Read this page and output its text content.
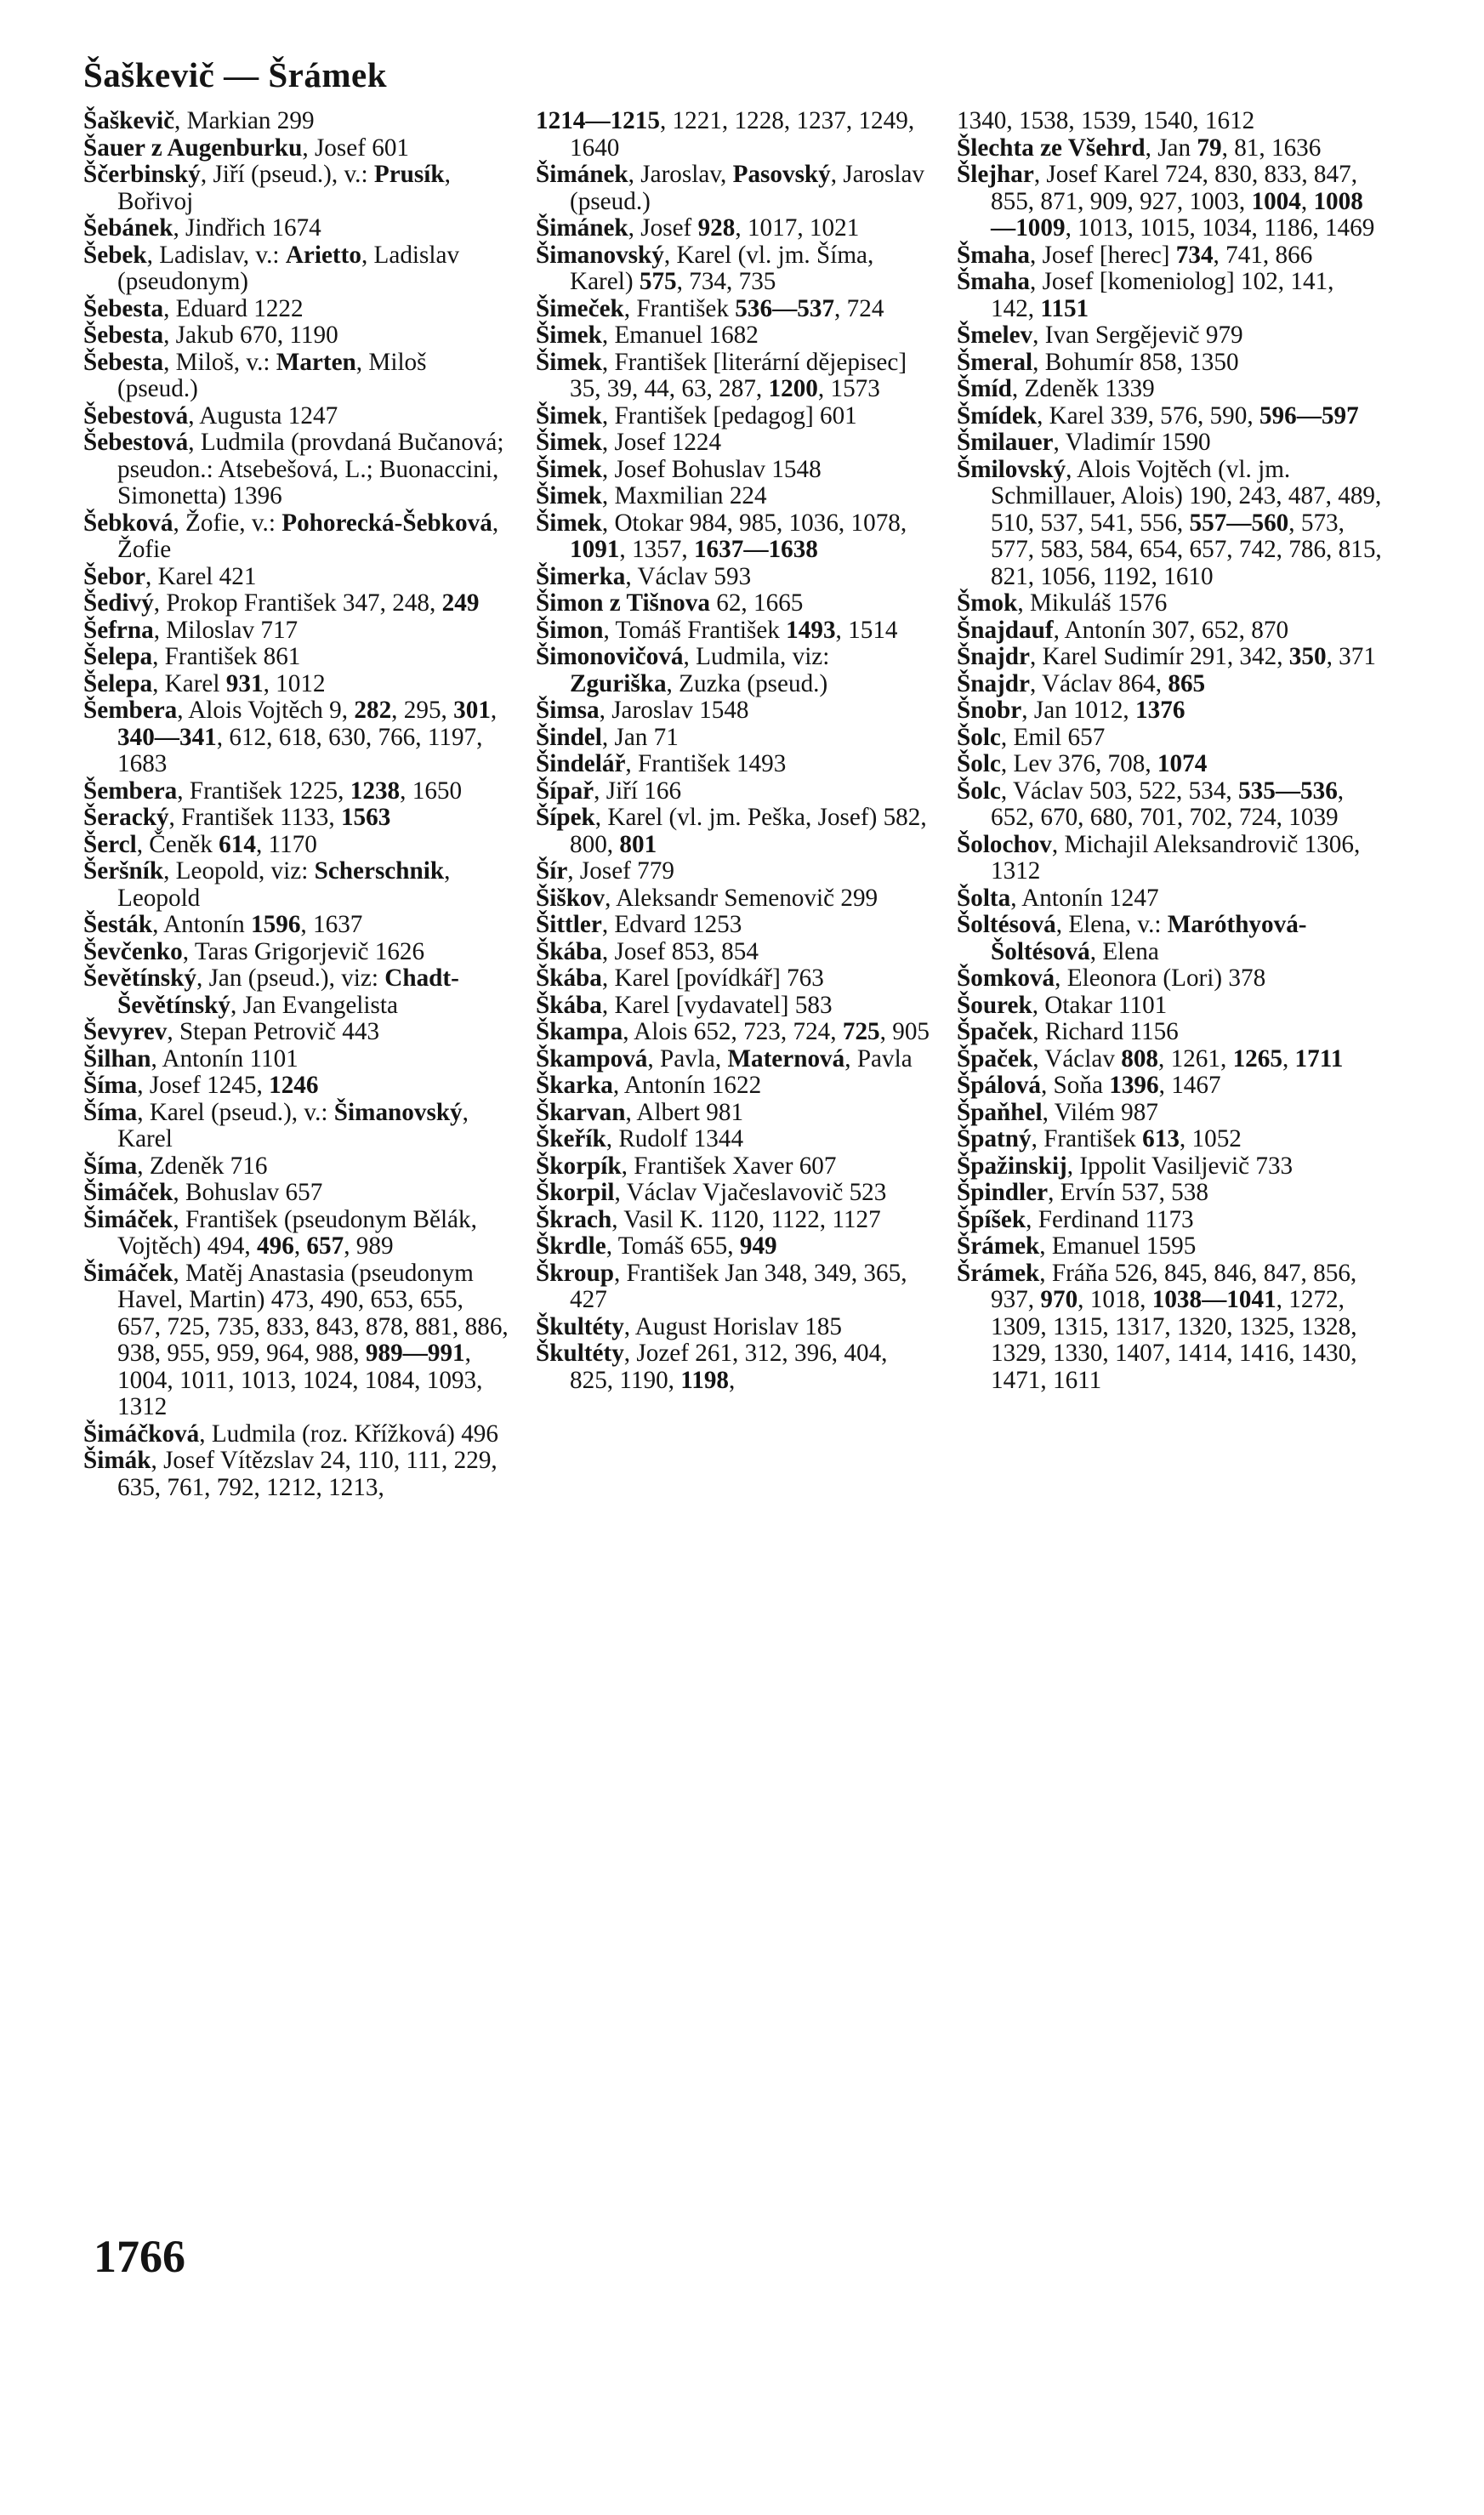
Šaškevič — Šrámek

Šaškevič, Markian 299

Šauer z Augenburku, Josef 601

Ščerbinský, Jiří (pseud.), v.: Prusík, Bořivoj

Šebánek, Jindřich 1674

Šebek, Ladislav, v.: Arietto, Ladislav (pseudonym)

Šebesta, Eduard 1222

Šebesta, Jakub 670, 1190

Šebesta, Miloš, v.: Marten, Miloš (pseud.)

Šebestová, Augusta 1247

Šebestová, Ludmila (provdaná Bučanová; pseudon.: Atsebešová, L.; Buonaccini, Simonetta) 1396

Šebková, Žofie, v.: Pohorecká-Šebková, Žofie

Šebor, Karel 421

Šedivý, Prokop František 347, 248, 249

Šefrna, Miloslav 717

Šelepa, František 861

Šelepa, Karel 931, 1012

Šembera, Alois Vojtěch 9, 282, 295, 301, 340—341, 612, 618, 630, 766, 1197, 1683

Šembera, František 1225, 1238, 1650

Šeracký, František 1133, 1563

Šercl, Čeněk 614, 1170

Šeršník, Leopold, viz: Scherschnik, Leopold

Šesták, Antonín 1596, 1637

Ševčenko, Taras Grigorjevič 1626

Ševětínský, Jan (pseud.), viz: Chadt-Ševětínský, Jan Evangelista

Ševyrev, Stepan Petrovič 443

Šilhan, Antonín 1101

Šíma, Josef 1245, 1246

Šíma, Karel (pseud.), v.: Šimanovský, Karel

Šíma, Zdeněk 716

Šimáček, Bohuslav 657

Šimáček, František (pseudonym Bělák, Vojtěch) 494, 496, 657, 989

Šimáček, Matěj Anastasia (pseudonym Havel, Martin) 473, 490, 653, 655, 657, 725, 735, 833, 843, 878, 881, 886, 938, 955, 959, 964, 988, 989—991, 1004, 1011, 1013, 1024, 1084, 1093, 1312

Šimáčková, Ludmila (roz. Křížková) 496

Šimák, Josef Vítězslav 24, 110, 111, 229, 635, 761, 792, 1212, 1213,

1214—1215, 1221, 1228, 1237, 1249, 1640

Šimánek, Jaroslav, Pasovský, Jaroslav (pseud.)

Šimánek, Josef 928, 1017, 1021

Šimanovský, Karel (vl. jm. Šíma, Karel) 575, 734, 735

Šimeček, František 536—537, 724

Šimek, Emanuel 1682

Šimek, František [literární dějepisec] 35, 39, 44, 63, 287, 1200, 1573

Šimek, František [pedagog] 601

Šimek, Josef 1224

Šimek, Josef Bohuslav 1548

Šimek, Maxmilian 224

Šimek, Otokar 984, 985, 1036, 1078, 1091, 1357, 1637—1638

Šimerka, Václav 593

Šimon z Tišnova 62, 1665

Šimon, Tomáš František 1493, 1514

Šimonovičová, Ludmila, viz: Zguriška, Zuzka (pseud.)

Šimsa, Jaroslav 1548

Šindel, Jan 71

Šindelář, František 1493

Šípař, Jiří 166

Šípek, Karel (vl. jm. Peška, Josef) 582, 800, 801

Šír, Josef 779

Šiškov, Aleksandr Semenovič 299

Šittler, Edvard 1253

Škába, Josef 853, 854

Škába, Karel [povídkář] 763

Škába, Karel [vydavatel] 583

Škampa, Alois 652, 723, 724, 725, 905

Škampová, Pavla, Maternová, Pavla

Škarka, Antonín 1622

Škarvan, Albert 981

Škeřík, Rudolf 1344

Škorpík, František Xaver 607

Škorpil, Václav Vjačeslavovič 523

Škrach, Vasil K. 1120, 1122, 1127

Škrdle, Tomáš 655, 949

Škroup, František Jan 348, 349, 365, 427

Škultéty, August Horislav 185

Škultéty, Jozef 261, 312, 396, 404, 825, 1190, 1198,

1340, 1538, 1539, 1540, 1612

Šlechta ze Všehrd, Jan 79, 81, 1636

Šlejhar, Josef Karel 724, 830, 833, 847, 855, 871, 909, 927, 1003, 1004, 1008—1009, 1013, 1015, 1034, 1186, 1469

Šmaha, Josef [herec] 734, 741, 866

Šmaha, Josef [komeniolog] 102, 141, 142, 1151

Šmelev, Ivan Sergějevič 979

Šmeral, Bohumír 858, 1350

Šmíd, Zdeněk 1339

Šmídek, Karel 339, 576, 590, 596—597

Šmilauer, Vladimír 1590

Šmilovský, Alois Vojtěch (vl. jm. Schmillauer, Alois) 190, 243, 487, 489, 510, 537, 541, 556, 557—560, 573, 577, 583, 584, 654, 657, 742, 786, 815, 821, 1056, 1192, 1610

Šmok, Mikuláš 1576

Šnajdauf, Antonín 307, 652, 870

Šnajdr, Karel Sudimír 291, 342, 350, 371

Šnajdr, Václav 864, 865

Šnobr, Jan 1012, 1376

Šolc, Emil 657

Šolc, Lev 376, 708, 1074

Šolc, Václav 503, 522, 534, 535—536, 652, 670, 680, 701, 702, 724, 1039

Šolochov, Michajil Aleksandrovič 1306, 1312

Šolta, Antonín 1247

Šoltésová, Elena, v.: Maróthyová-Šoltésová, Elena

Šomková, Eleonora (Lori) 378

Šourek, Otakar 1101

Špaček, Richard 1156

Špaček, Václav 808, 1261, 1265, 1711

Špálová, Soňa 1396, 1467

Špaňhel, Vilém 987

Špatný, František 613, 1052

Špažinskij, Ippolit Vasiljevič 733

Špindler, Ervín 537, 538

Špíšek, Ferdinand 1173

Šrámek, Emanuel 1595

Šrámek, Fráňa 526, 845, 846, 847, 856, 937, 970, 1018, 1038—1041, 1272, 1309, 1315, 1317, 1320, 1325, 1328, 1329, 1330, 1407, 1414, 1416, 1430, 1471, 1611

1766
